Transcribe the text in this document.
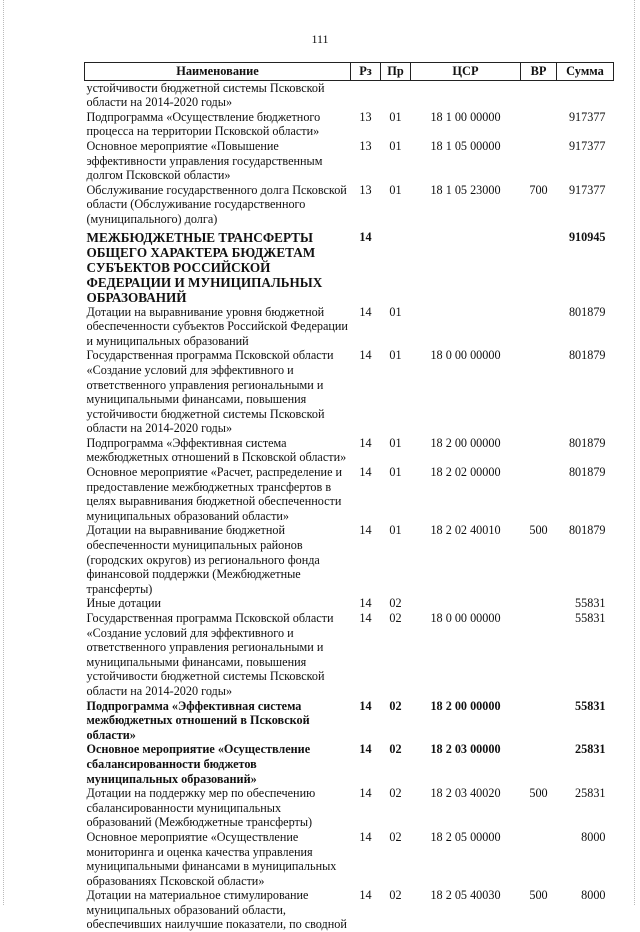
111
Наименование	Рз	Пр	ЦСР	ВР	Сумма
устойчивости бюджетной системы Псковской области на 2014-2020 годы»					
Подпрограмма «Осуществление бюджетного процесса на территории Псковской области»	13	01	18 1 00 00000		917377
Основное мероприятие «Повышение эффективности управления государственным долгом Псковской области»	13	01	18 1 05 00000		917377
Обслуживание государственного долга Псковской области (Обслуживание государственного (муниципального) долга)	13	01	18 1 05 23000	700	917377
МЕЖБЮДЖЕТНЫЕ ТРАНСФЕРТЫ ОБЩЕГО ХАРАКТЕРА БЮДЖЕТАМ СУБЪЕКТОВ РОССИЙСКОЙ ФЕДЕРАЦИИ И МУНИЦИПАЛЬНЫХ ОБРАЗОВАНИЙ	14				910945
Дотации на выравнивание уровня бюджетной обеспеченности субъектов Российской Федерации и муниципальных образований	14	01			801879
Государственная программа Псковской области «Создание условий для эффективного и ответственного управления региональными и муниципальными финансами, повышения устойчивости бюджетной системы Псковской области на 2014-2020 годы»	14	01	18 0 00 00000		801879
Подпрограмма «Эффективная система межбюджетных отношений в Псковской области»	14	01	18 2 00 00000		801879
Основное мероприятие «Расчет, распределение и предоставление межбюджетных трансфертов в целях выравнивания бюджетной обеспеченности муниципальных образований области»	14	01	18 2 02 00000		801879
Дотации на выравнивание бюджетной обеспеченности муниципальных районов (городских округов) из регионального фонда финансовой поддержки (Межбюджетные трансферты)	14	01	18 2 02 40010	500	801879
Иные дотации	14	02			55831
Государственная программа Псковской области «Создание условий для эффективного и ответственного управления региональными и муниципальными финансами, повышения устойчивости бюджетной системы Псковской области на 2014-2020 годы»	14	02	18 0 00 00000		55831
Подпрограмма «Эффективная система межбюджетных отношений в Псковской области»	14	02	18 2 00 00000		55831
Основное мероприятие «Осуществление сбалансированности бюджетов муниципальных образований»	14	02	18 2 03 00000		25831
Дотации на поддержку мер по обеспечению сбалансированности муниципальных образований (Межбюджетные трансферты)	14	02	18 2 03 40020	500	25831
Основное мероприятие «Осуществление мониторинга и оценка качества управления муниципальными финансами в муниципальных образованиях Псковской области»	14	02	18 2 05 00000		8000
Дотации на материальное стимулирование муниципальных образований области, обеспечивших наилучшие показатели, по сводной	14	02	18 2 05 40030	500	8000
